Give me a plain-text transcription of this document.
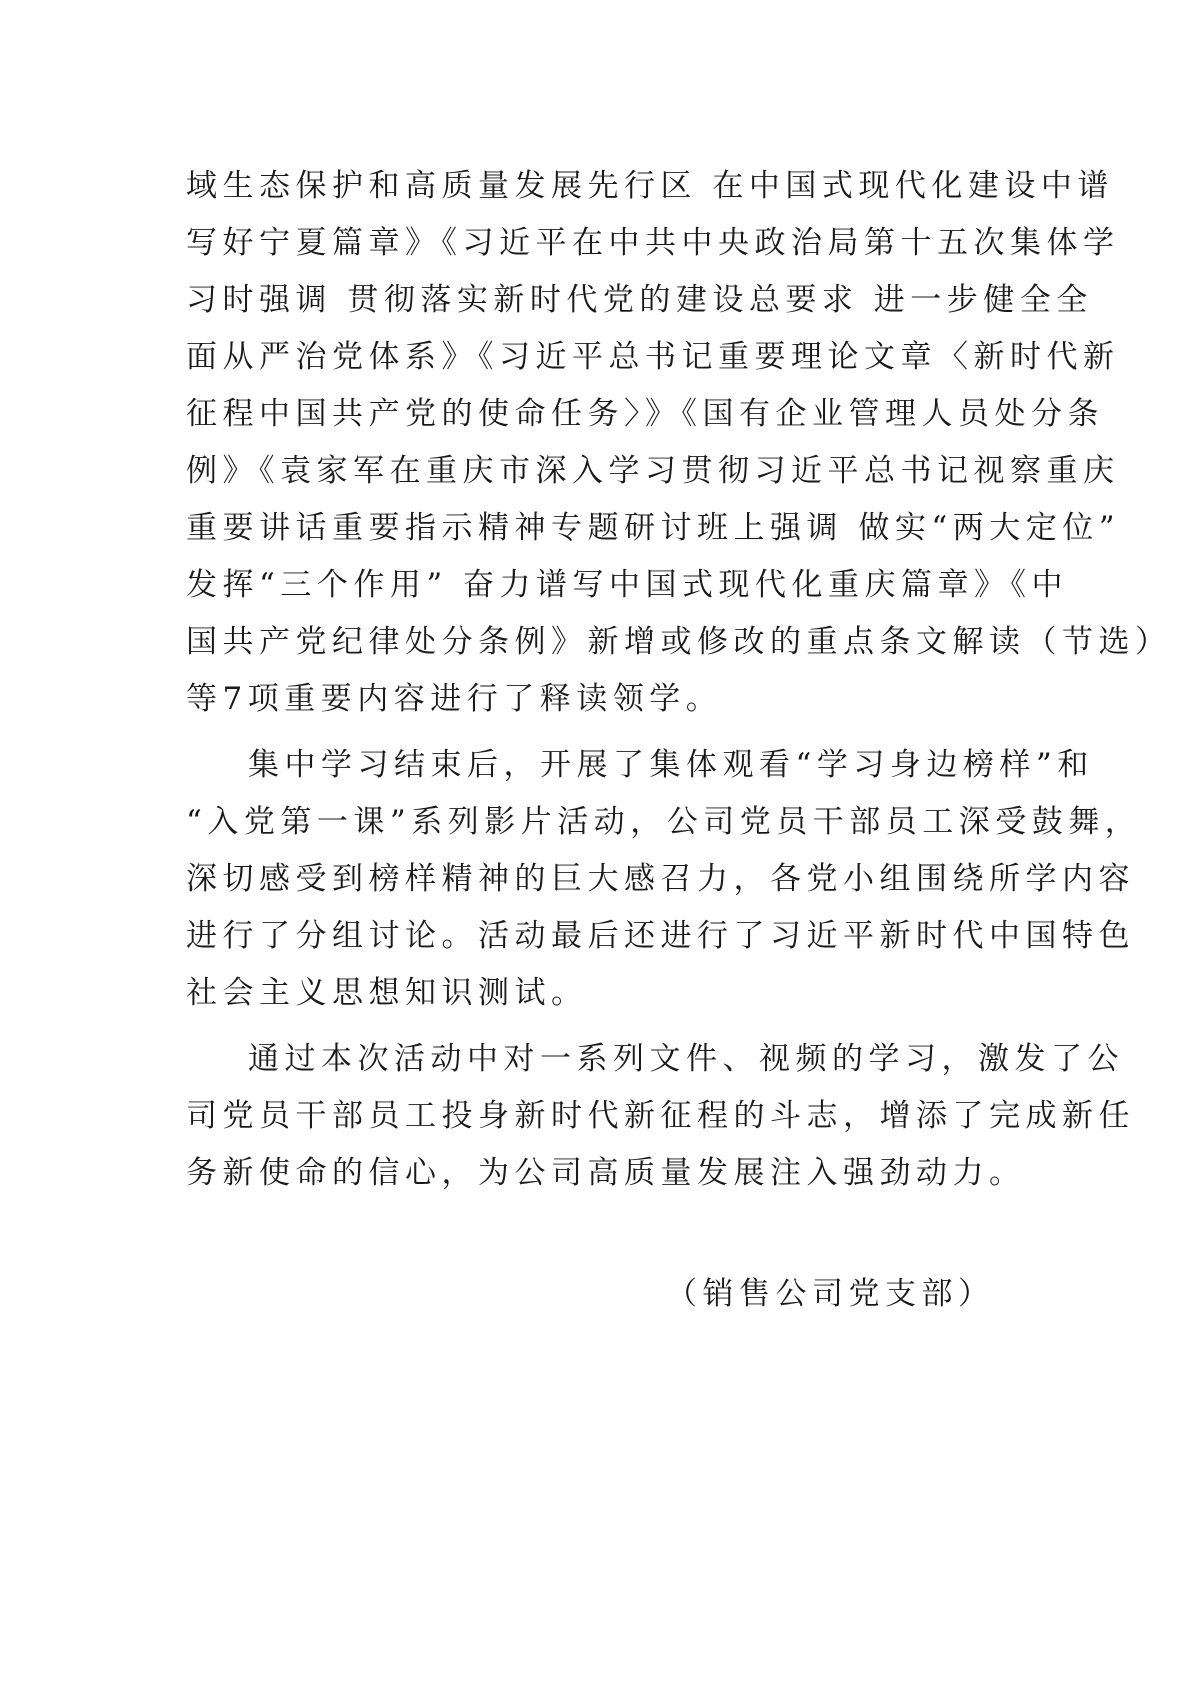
域生态保护和高质量发展先行区 在中国式现代化建设中谱
写好宁夏篇章》《习近平在中共中央政治局第十五次集体学
习时强调 贯彻落实新时代党的建设总要求 进一步健全全
面从严治党体系》《习近平总书记重要理论文章〈新时代新
征程中国共产党的使命任务〉》《国有企业管理人员处分条
例》《袁家军在重庆市深入学习贯彻习近平总书记视察重庆
重要讲话重要指示精神专题研讨班上强调 做实“两大定位”
发挥“三个作用” 奋力谱写中国式现代化重庆篇章》《中
国共产党纪律处分条例》新增或修改的重点条文解读（节选）
等7项重要内容进行了释读领学。
集中学习结束后，开展了集体观看“学习身边榜样”和
“入党第一课”系列影片活动，公司党员干部员工深受鼓舞，
深切感受到榜样精神的巨大感召力，各党小组围绕所学内容
进行了分组讨论。活动最后还进行了习近平新时代中国特色
社会主义思想知识测试。
通过本次活动中对一系列文件、视频的学习，激发了公
司党员干部员工投身新时代新征程的斗志，增添了完成新任
务新使命的信心，为公司高质量发展注入强劲动力。
（销售公司党支部）
